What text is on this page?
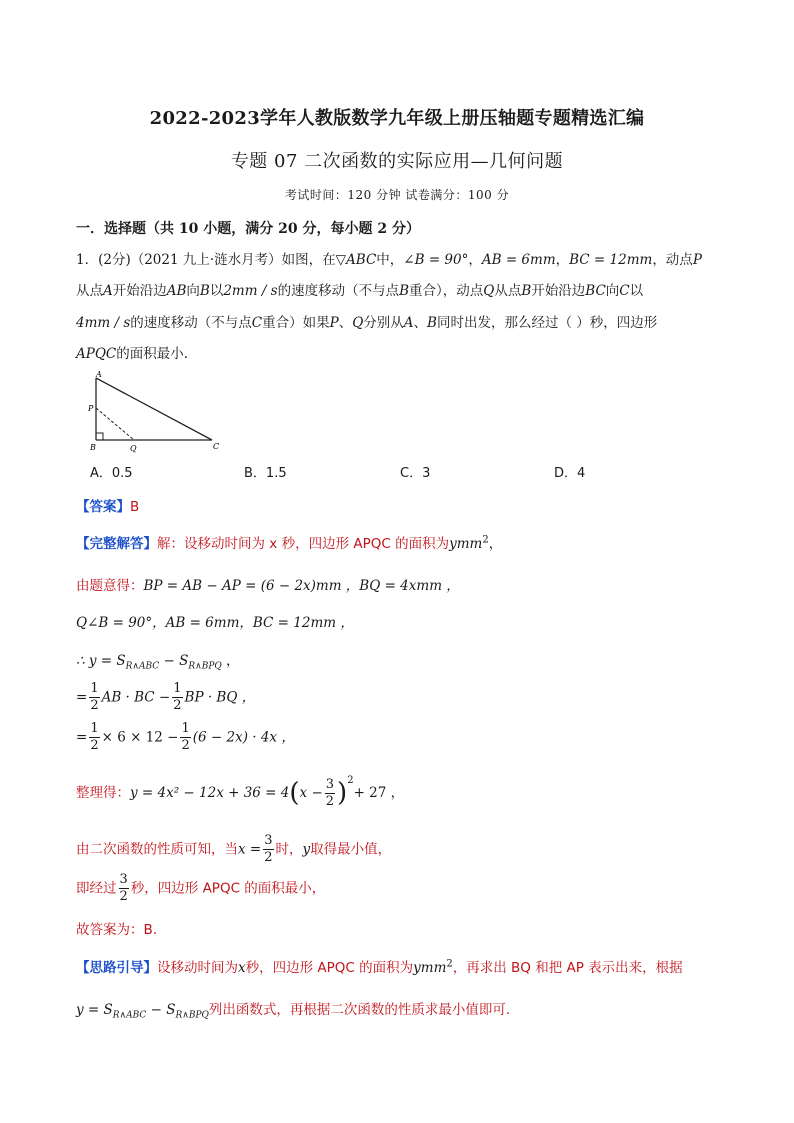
2022-2023学年人教版数学九年级上册压轴题专题精选汇编
专题 07 二次函数的实际应用—几何问题
考试时间：120 分钟 试卷满分：100 分
一．选择题（共 10 小题，满分 20 分，每小题 2 分）
1．(2分)（2021 九上·涟水月考）如图，在▽ABC中，∠B = 90°，AB = 6mm，BC = 12mm，动点P
从点A开始沿边AB向B以2mm / s的速度移动（不与点B重合），动点Q从点B开始沿边BC向C以
4mm / s的速度移动（不与点C重合）如果P、Q分别从A、B同时出发，那么经过（ ）秒，四边形
APQC的面积最小.
A
P
B	Q	C
A．0.5	B．1.5	C．3	D．4
【答案】B
【完整解答】解：设移动时间为 x 秒，四边形 APQC 的面积为ymm$^2$，
由题意得：BP = AB − AP = (6 − 2x)mm ，BQ = 4xmm ，
Q∠B = 90°，AB = 6mm，BC = 12mm ，
∴ $y = S_{R\wedge ABC} - S_{R\wedge BPQ}$ ，
= $\frac{1}{2}$ AB · BC − $\frac{1}{2}$ BP · BQ ，
= $\frac{1}{2} \times 6 \times 12 - \frac{1}{2} (6 - 2x) \cdot 4x$ ，
整理得：$y = 4x^2 - 12x + 36 = 4(x - \frac{3}{2} )^2+ 27$ ，
由二次函数的性质可知，当$x = \frac{3}{2}$ 时，y取得最小值，
即经过 $\frac{3}{2}$ 秒，四边形 APQC 的面积最小，
故答案为：B.
【思路引导】设移动时间为x秒，四边形 APQC 的面积为ymm$^2$，再求出 BQ 和把 AP 表示出来，根据
$y = S_{R\wedge ABC} - S_{R\wedge BPQ}$列出函数式，再根据二次函数的性质求最小值即可.
